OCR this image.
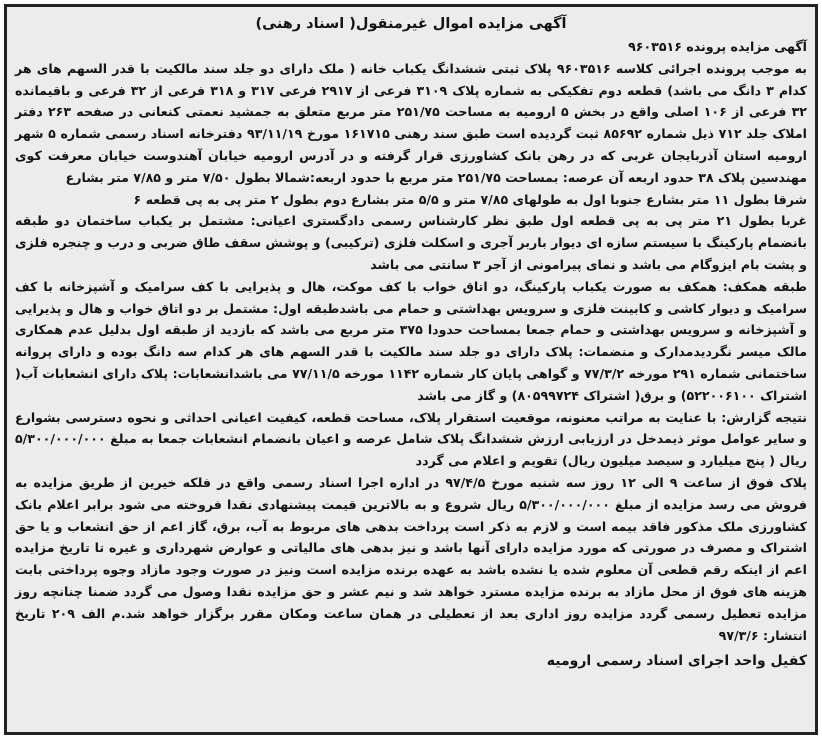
آگهی مزایده اموال غیرمنقول( اسناد رهنی)

آگهی مزایده پرونده ۹۶۰۳۵۱۶

به موجب پرونده اجرائی کلاسه ۹۶۰۳۵۱۶ پلاک ثبتی ششدانگ یکباب خانه ( ملک دارای دو جلد سند مالکیت با قدر السهم های هر کدام ۳ دانگ می باشد) قطعه دوم تفکیکی به شماره پلاک ۳۱۰۹ فرعی از ۲۹۱۷ فرعی ۳۱۷ و ۳۱۸ فرعی از ۳۲ فرعی و باقیمانده ۳۲ فرعی از ۱۰۶ اصلی واقع در بخش ۵ ارومیه به مساحت ۲۵۱/۷۵ متر مربع متعلق به جمشید نعمتی کنعانی در صفحه ۲۶۳ دفتر املاک جلد ۷۱۲ ذیل شماره ۸۵۶۹۲ ثبت گردیده است طبق سند رهنی ۱۶۱۷۱۵ مورخ ۹۳/۱۱/۱۹ دفترخانه اسناد رسمی شماره ۵ شهر ارومیه استان آذربایجان غربی که در رهن بانک کشاورزی قرار گرفته و در آدرس ارومیه خیابان آهندوست خیابان معرفت کوی مهندسین پلاک ۳۸ حدود اربعه آن عرصه: بمساحت ۲۵۱/۷۵ متر مربع با حدود اربعه:شمالا بطول ۷/۵۰ متر و ۷/۸۵ متر بشارع

شرقا بطول ۱۱ متر بشارع جنوبا اول به طولهای ۷/۸۵ متر و ۵/۵ متر بشارع دوم بطول ۲ متر پی به پی قطعه ۶

غربا بطول ۲۱ متر پی به پی قطعه اول طبق نظر کارشناس رسمی دادگستری اعیانی: مشتمل بر یکباب ساختمان دو طبقه بانضمام پارکینگ با سیستم سازه ای دیوار باربر آجری و اسکلت فلزی (ترکیبی) و پوشش سقف طاق ضربی و درب و چنجره فلزی و پشت بام ایزوگام می باشد و نمای پیرامونی از آجر ۳ سانتی می باشد

طبقه همکف: همکف به صورت یکباب پارکینگ، دو اتاق خواب با کف موکت، هال و پذیرایی با کف سرامیک و آشپزخانه با کف سرامیک و دیوار کاشی و کابینت فلزی و سرویس بهداشتی و حمام می باشدطبقه اول: مشتمل بر دو اتاق خواب و هال و پذیرایی و آشپزخانه و سرویس بهداشتی و حمام جمعا بمساحت حدودا ۳۷۵ متر مربع می باشد که بازدید از طبقه اول بدلیل عدم همکاری مالک میسر نگردیدمدارک و منضمات: پلاک دارای دو جلد سند مالکیت با قدر السهم های هر کدام سه دانگ بوده و دارای پروانه ساختمانی شماره ۲۹۱ مورخه ۷۷/۳/۲ و گواهی پایان کار شماره ۱۱۴۲ مورخه ۷۷/۱۱/۵ می باشدانشعابات: پلاک دارای انشعابات آب( اشتراک ۵۲۲۰۰۶۱۰۰) و برق( اشتراک ۸۰۵۹۹۷۲۴) و گاز می باشد

نتیجه گزارش: با عنایت به مراتب معنونه، موقعیت استقرار پلاک، مساحت قطعه، کیفیت اعیانی احداثی و نحوه دسترسی بشوارع و سایر عوامل موثر ذیمدخل در ارزیابی ارزش ششدانگ پلاک شامل عرصه و اعیان بانضمام انشعابات جمعا به مبلغ ۵/۳۰۰/۰۰۰/۰۰۰ ریال ( پنج میلیارد و سیصد میلیون ریال) تقویم و اعلام می گردد

پلاک فوق از ساعت ۹ الی ۱۲ روز سه شنبه مورخ ۹۷/۴/۵ در اداره اجرا اسناد رسمی واقع در فلکه خیرین از طریق مزایده به فروش می رسد مزایده از مبلغ ۵/۳۰۰/۰۰۰/۰۰۰ ریال شروع و به بالاترین قیمت پیشنهادی نقدا فروخته می شود برابر اعلام بانک کشاورزی ملک مذکور فاقد بیمه است و لازم به ذکر است پرداخت بدهی های مربوط به آب، برق، گاز اعم از حق انشعاب و یا حق اشتراک و مصرف در صورتی که مورد مزایده دارای آنها باشد و نیز بدهی های مالیاتی و عوارض شهرداری و غیره تا تاریخ مزایده اعم از اینکه رقم قطعی آن معلوم شده یا نشده باشد به عهده برنده مزایده است ونیز در صورت وجود مازاد وجوه پرداختی بابت هزینه های فوق از محل مازاد به برنده مزایده مسترد خواهد شد و نیم عشر و حق مزایده نقدا وصول می گردد ضمنا چنانچه روز مزایده تعطیل رسمی گردد مزایده روز اداری بعد از تعطیلی در همان ساعت ومکان مقرر برگزار خواهد شد.م الف ۲۰۹ تاریخ انتشار: ۹۷/۳/۶

کفیل واحد اجرای اسناد رسمی ارومیه
